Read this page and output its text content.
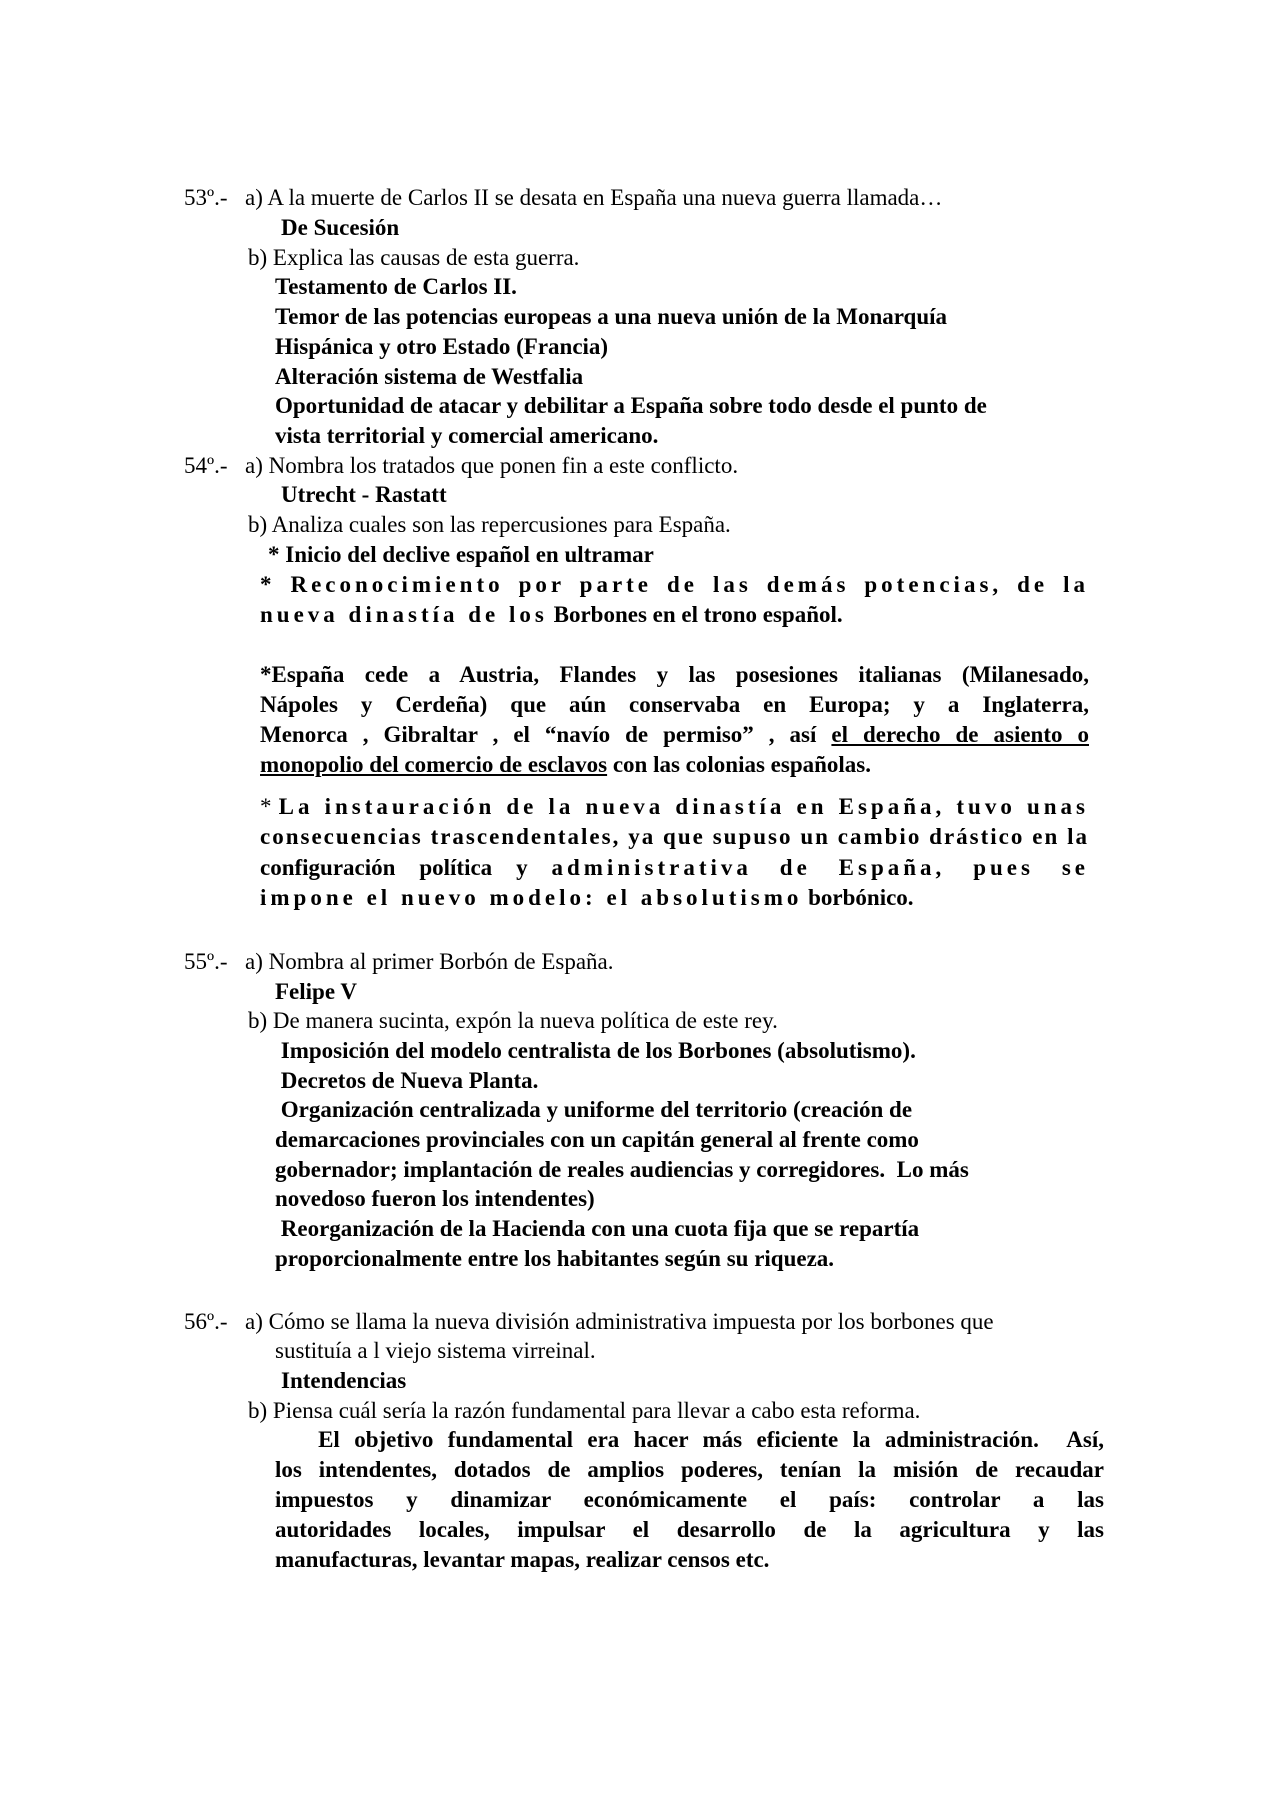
53º.- a) A la muerte de Carlos II se desata en España una nueva guerra llamada…
De Sucesión
b) Explica las causas de esta guerra.
Testamento de Carlos II.
Temor de las potencias europeas a una nueva unión de la Monarquía
Hispánica y otro Estado (Francia)
Alteración sistema de Westfalia
Oportunidad de atacar y debilitar a España sobre todo desde el punto de
vista territorial y comercial americano.
54º.- a) Nombra los tratados que ponen fin a este conflicto.
Utrecht - Rastatt
b) Analiza cuales son las repercusiones para España.
* Inicio del declive español en ultramar
* Reconocimiento por parte de las demás potencias, de la
nueva dinastía de los Borbones en el trono español.
*España cede a Austria, Flandes y las posesiones italianas (Milanesado,
Nápoles y Cerdeña) que aún conservaba en Europa; y a Inglaterra,
Menorca , Gibraltar , el “navío de permiso” , así el derecho de asiento o
monopolio del comercio de esclavos con las colonias españolas.
* La instauración de la nueva dinastía en España, tuvo unas
consecuencias trascendentales, ya que supuso un cambio drástico en la
configuración política y administrativa de España, pues se
impone el nuevo modelo: el absolutismo borbónico.
55º.- a) Nombra al primer Borbón de España.
Felipe V
b) De manera sucinta, expón la nueva política de este rey.
Imposición del modelo centralista de los Borbones (absolutismo).
Decretos de Nueva Planta.
Organización centralizada y uniforme del territorio (creación de
demarcaciones provinciales con un capitán general al frente como
gobernador; implantación de reales audiencias y corregidores.  Lo más
novedoso fueron los intendentes)
Reorganización de la Hacienda con una cuota fija que se repartía
proporcionalmente entre los habitantes según su riqueza.
56º.- a) Cómo se llama la nueva división administrativa impuesta por los borbones que
sustituía a l viejo sistema virreinal.
Intendencias
b) Piensa cuál sería la razón fundamental para llevar a cabo esta reforma.
El objetivo fundamental era hacer más eficiente la administración.  Así,
los intendentes, dotados de amplios poderes, tenían la misión de recaudar
impuestos y dinamizar económicamente el país: controlar a las
autoridades locales, impulsar el desarrollo de la agricultura y las
manufacturas, levantar mapas, realizar censos etc.
